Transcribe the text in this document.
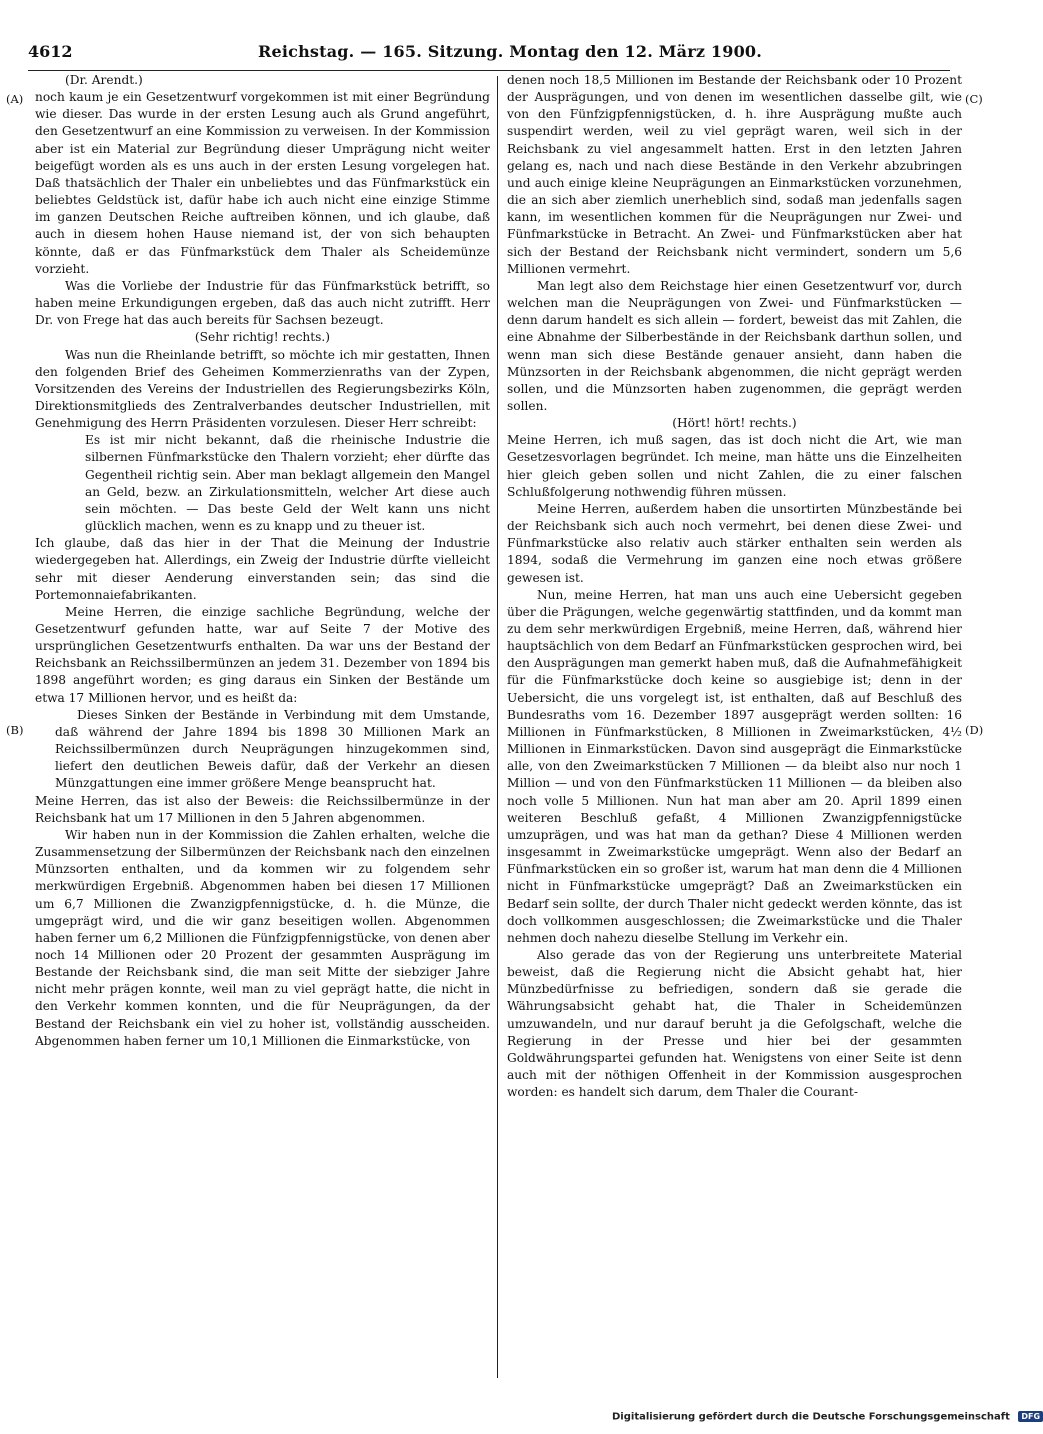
4612	Reichstag. — 165. Sitzung. Montag den 12. März 1900.
(A)
(B)
(C)
(D)

(Dr. Arendt.)

noch kaum je ein Gesetzentwurf vorgekommen ist mit einer Begründung wie dieser. Das wurde in der ersten Lesung auch als Grund angeführt, den Gesetzentwurf an eine Kommission zu verweisen. In der Kommission aber ist ein Material zur Begründung dieser Umprägung nicht weiter beigefügt worden als es uns auch in der ersten Lesung vorgelegen hat. Daß thatsächlich der Thaler ein unbeliebtes und das Fünfmarkstück ein beliebtes Geldstück ist, dafür habe ich auch nicht eine einzige Stimme im ganzen Deutschen Reiche auftreiben können, und ich glaube, daß auch in diesem hohen Hause niemand ist, der von sich behaupten könnte, daß er das Fünfmarkstück dem Thaler als Scheidemünze vorzieht.

Was die Vorliebe der Industrie für das Fünfmarkstück betrifft, so haben meine Erkundigungen ergeben, daß das auch nicht zutrifft. Herr Dr. von Frege hat das auch bereits für Sachsen bezeugt.

(Sehr richtig! rechts.)

Was nun die Rheinlande betrifft, so möchte ich mir gestatten, Ihnen den folgenden Brief des Geheimen Kommerzienraths van der Zypen, Vorsitzenden des Vereins der Industriellen des Regierungsbezirks Köln, Direktionsmitglieds des Zentralverbandes deutscher Industriellen, mit Genehmigung des Herrn Präsidenten vorzulesen. Dieser Herr schreibt:

Es ist mir nicht bekannt, daß die rheinische Industrie die silbernen Fünfmarkstücke den Thalern vorzieht; eher dürfte das Gegentheil richtig sein. Aber man beklagt allgemein den Mangel an Geld, bezw. an Zirkulationsmitteln, welcher Art diese auch sein möchten. — Das beste Geld der Welt kann uns nicht glücklich machen, wenn es zu knapp und zu theuer ist.

Ich glaube, daß das hier in der That die Meinung der Industrie wiedergegeben hat. Allerdings, ein Zweig der Industrie dürfte vielleicht sehr mit dieser Aenderung einverstanden sein; das sind die Portemonnaiefabrikanten.

Meine Herren, die einzige sachliche Begründung, welche der Gesetzentwurf gefunden hatte, war auf Seite 7 der Motive des ursprünglichen Gesetzentwurfs enthalten. Da war uns der Bestand der Reichsbank an Reichssilbermünzen an jedem 31. Dezember von 1894 bis 1898 angeführt worden; es ging daraus ein Sinken der Bestände um etwa 17 Millionen hervor, und es heißt da:

Dieses Sinken der Bestände in Verbindung mit dem Umstande, daß während der Jahre 1894 bis 1898 30 Millionen Mark an Reichssilbermünzen durch Neuprägungen hinzugekommen sind, liefert den deutlichen Beweis dafür, daß der Verkehr an diesen Münzgattungen eine immer größere Menge beansprucht hat.

Meine Herren, das ist also der Beweis: die Reichssilbermünze in der Reichsbank hat um 17 Millionen in den 5 Jahren abgenommen.

Wir haben nun in der Kommission die Zahlen erhalten, welche die Zusammensetzung der Silbermünzen der Reichsbank nach den einzelnen Münzsorten enthalten, und da kommen wir zu folgendem sehr merkwürdigen Ergebniß. Abgenommen haben bei diesen 17 Millionen um 6,7 Millionen die Zwanzigpfennigstücke, d. h. die Münze, die umgeprägt wird, und die wir ganz beseitigen wollen. Abgenommen haben ferner um 6,2 Millionen die Fünfzigpfennigstücke, von denen aber noch 14 Millionen oder 20 Prozent der gesammten Ausprägung im Bestande der Reichsbank sind, die man seit Mitte der siebziger Jahre nicht mehr prägen konnte, weil man zu viel geprägt hatte, die nicht in den Verkehr kommen konnten, und die für Neuprägungen, da der Bestand der Reichsbank ein viel zu hoher ist, vollständig ausscheiden. Abgenommen haben ferner um 10,1 Millionen die Einmarkstücke, von

denen noch 18,5 Millionen im Bestande der Reichsbank oder 10 Prozent der Ausprägungen, und von denen im wesentlichen dasselbe gilt, wie von den Fünfzigpfennigstücken, d. h. ihre Ausprägung mußte auch suspendirt werden, weil zu viel geprägt waren, weil sich in der Reichsbank zu viel angesammelt hatten. Erst in den letzten Jahren gelang es, nach und nach diese Bestände in den Verkehr abzubringen und auch einige kleine Neuprägungen an Einmarkstücken vorzunehmen, die an sich aber ziemlich unerheblich sind, sodaß man jedenfalls sagen kann, im wesentlichen kommen für die Neuprägungen nur Zwei- und Fünfmarkstücke in Betracht. An Zwei- und Fünfmarkstücken aber hat sich der Bestand der Reichsbank nicht vermindert, sondern um 5,6 Millionen vermehrt.

Man legt also dem Reichstage hier einen Gesetzentwurf vor, durch welchen man die Neuprägungen von Zwei- und Fünfmarkstücken — denn darum handelt es sich allein — fordert, beweist das mit Zahlen, die eine Abnahme der Silberbestände in der Reichsbank darthun sollen, und wenn man sich diese Bestände genauer ansieht, dann haben die Münzsorten in der Reichsbank abgenommen, die nicht geprägt werden sollen, und die Münzsorten haben zugenommen, die geprägt werden sollen.

(Hört! hört! rechts.)

Meine Herren, ich muß sagen, das ist doch nicht die Art, wie man Gesetzesvorlagen begründet. Ich meine, man hätte uns die Einzelheiten hier gleich geben sollen und nicht Zahlen, die zu einer falschen Schlußfolgerung nothwendig führen müssen.

Meine Herren, außerdem haben die unsortirten Münzbestände bei der Reichsbank sich auch noch vermehrt, bei denen diese Zwei- und Fünfmarkstücke also relativ auch stärker enthalten sein werden als 1894, sodaß die Vermehrung im ganzen eine noch etwas größere gewesen ist.

Nun, meine Herren, hat man uns auch eine Uebersicht gegeben über die Prägungen, welche gegenwärtig stattfinden, und da kommt man zu dem sehr merkwürdigen Ergebniß, meine Herren, daß, während hier hauptsächlich von dem Bedarf an Fünfmarkstücken gesprochen wird, bei den Ausprägungen man gemerkt haben muß, daß die Aufnahmefähigkeit für die Fünfmarkstücke doch keine so ausgiebige ist; denn in der Uebersicht, die uns vorgelegt ist, ist enthalten, daß auf Beschluß des Bundesraths vom 16. Dezember 1897 ausgeprägt werden sollten: 16 Millionen in Fünfmarkstücken, 8 Millionen in Zweimarkstücken, 4½ Millionen in Einmarkstücken. Davon sind ausgeprägt die Einmarkstücke alle, von den Zweimarkstücken 7 Millionen — da bleibt also nur noch 1 Million — und von den Fünfmarkstücken 11 Millionen — da bleiben also noch volle 5 Millionen. Nun hat man aber am 20. April 1899 einen weiteren Beschluß gefaßt, 4 Millionen Zwanzigpfennigstücke umzuprägen, und was hat man da gethan? Diese 4 Millionen werden insgesammt in Zweimarkstücke umgeprägt. Wenn also der Bedarf an Fünfmarkstücken ein so großer ist, warum hat man denn die 4 Millionen nicht in Fünfmarkstücke umgeprägt? Daß an Zweimarkstücken ein Bedarf sein sollte, der durch Thaler nicht gedeckt werden könnte, das ist doch vollkommen ausgeschlossen; die Zweimarkstücke und die Thaler nehmen doch nahezu dieselbe Stellung im Verkehr ein.

Also gerade das von der Regierung uns unterbreitete Material beweist, daß die Regierung nicht die Absicht gehabt hat, hier Münzbedürfnisse zu befriedigen, sondern daß sie gerade die Währungsabsicht gehabt hat, die Thaler in Scheidemünzen umzuwandeln, und nur darauf beruht ja die Gefolgschaft, welche die Regierung in der Presse und hier bei der gesammten Goldwährungspartei gefunden hat. Wenigstens von einer Seite ist denn auch mit der nöthigen Offenheit in der Kommission ausgesprochen worden: es handelt sich darum, dem Thaler die Courant-

Digitalisierung gefördert durch die Deutsche Forschungsgemeinschaft DFG
